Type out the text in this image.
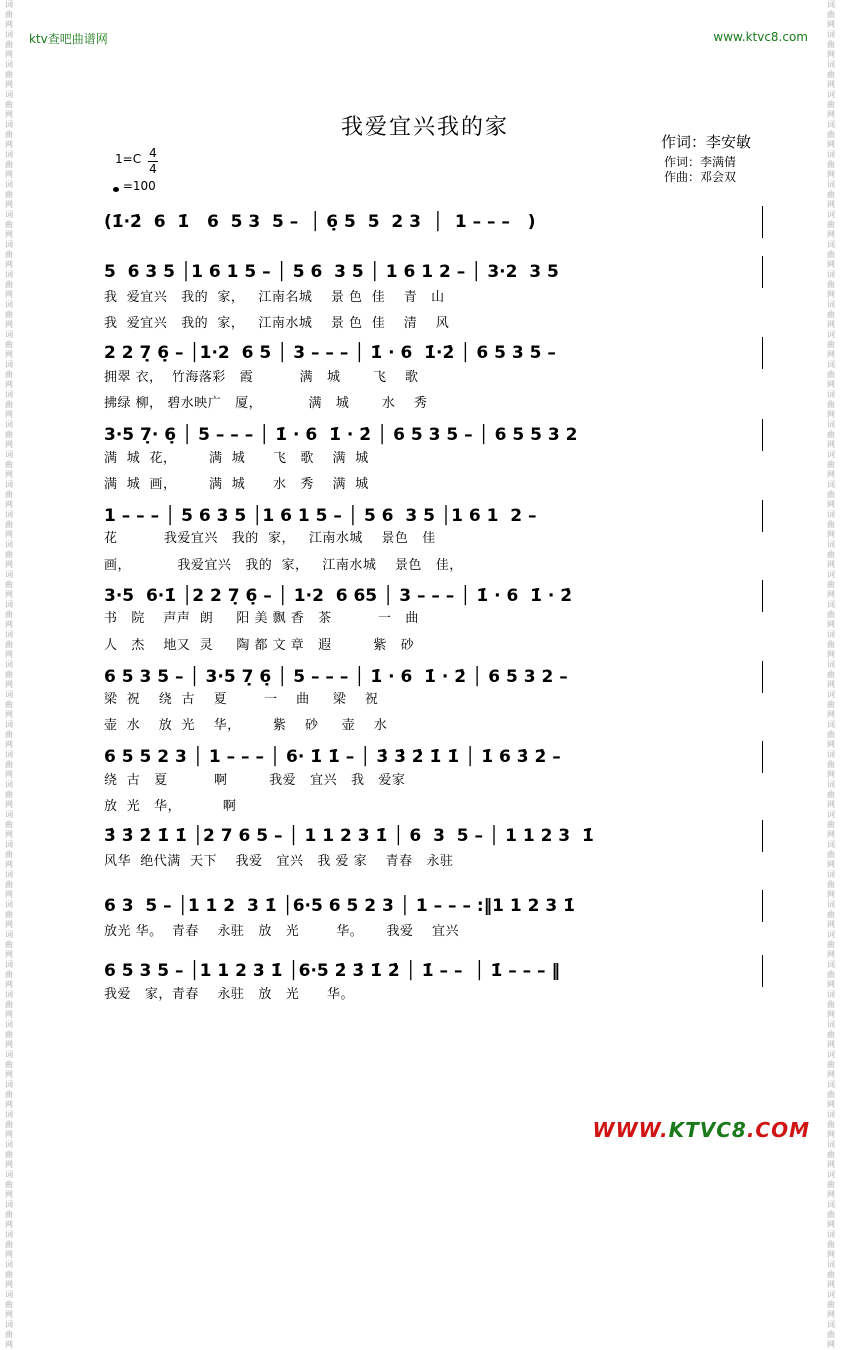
词
曲
网
词
曲
网
词
曲
网
词
曲
网
词
曲
网
词
曲
网
词
曲
网
词
曲
网
词
曲
网
词
曲
网
词
曲
网
词
曲
网
词
曲
网
词
曲
网
词
曲
网
词
曲
网
词
曲
网
词
曲
网
词
曲
网
词
曲
网
词
曲
网
词
曲
网
词
曲
网
词
曲
网
词
曲
网
词
曲
网
词
曲
网
词
曲
网
词
曲
网
词
曲
网
词
曲
网
词
曲
网
词
曲
网
词
曲
网
词
曲
网
词
曲
网
词
曲
网
词
曲
网
词
曲
网
词
曲
网
词
曲
网
词
曲
网
词
曲
网
词
曲
网
词
曲
网
词
曲
网
词
曲
网
词
曲
网
词
曲
网
词
曲
网
词
曲
网
词
曲
网
词
曲
网
词
曲
网
词
曲
网
词
曲
网
词
曲
网
词
曲
网
词
曲
网
词
曲
网
词
曲
网
词
曲
网
词
曲
网
词
曲
网
词
曲
网
词
曲
网
词
曲
网
词
曲
网
词
曲
网
词
曲
网
词
曲
网
词
曲
网
词
曲
网
词
曲
网
词
曲
网
词
曲
网
词
曲
网
词
曲
网
词
曲
网
词
曲
网
词
曲
网
词
曲
网
词
曲
网
词
曲
网
词
曲
网
词
曲
网
词
曲
网
词
曲
网
词
曲
网
词
曲
网
ktv查吧曲谱网	www.ktvc8.com
我爱宜兴我的家
作词：李安敏
作词：李满倩
作曲：邓会双
1=C 4
4
=100
(1̇·2̇  6  1̇   6  5 3  5 –  │ 6̣ 5  5  2 3  │  1 – – –   )
5  6 3 5 │1 6 1 5 – │ 5 6  3 5 │ 1 6 1 2 – │ 3·2  3 5
2 2 7̣ 6̣ – │1·2  6 5 │ 3 – – – │ 1̇ · 6  1̇·2̇ │ 6 5 3 5 –
3·5 7̣· 6̣ │ 5 – – – │ 1̇ · 6  1̇ · 2̇ │ 6 5 3 5 – │ 6 5 5 3 2
1 – – – │ 5 6 3 5 │1 6 1 5 – │ 5 6  3 5 │1 6 1  2 –
3·5  6·1̇ │2 2 7̣ 6̣ – │ 1·2  6 65 │ 3 – – – │ 1̇ · 6  1̇ · 2̇
6 5 3 5 – │ 3·5 7̣ 6̣ │ 5 – – – │ 1̇ · 6  1̇ · 2̇ │ 6 5 3 2 –
6 5 5 2 3 │ 1 – – – │ 6· 1̇ 1̇ – │ 3̇ 3̇ 2̇ 1̇ 1̇ │ 1̇ 6 3̇ 2̇ –
3̇ 3̇ 2̇ 1̇ 1̇ │2 7 6 5 – │ 1 1 2 3 1̇ │ 6  3  5 – │ 1 1 2 3  1̇
6 3  5 – │1 1 2  3 1̇ │6·5 6 5 2 3 │ 1 – – – :‖1 1 2 3 1̇
6 5 3 5 – │1 1 2 3 1̇ │6·5 2̇ 3̇ 1̇ 2̇ │ 1̇ – –  │ 1̇ – – – ‖
我  爱宜兴   我的  家，   江南名城    景 色  佳    青   山
我  爱宜兴   我的  家，   江南水城    景 色  佳    清    风
拥翠 衣，  竹海落彩   霞          满   城       飞    歌
拂绿 柳， 碧水映广   厦，          满   城       水    秀
满  城  花，       满  城      飞   歌    满  城
满  城  画，       满  城      水   秀    满  城
花          我爱宜兴   我的  家，   江南水城    景色   佳
画，          我爱宜兴   我的  家，   江南水城    景色   佳，
书   院    声声  朗     阳 美 飘 香   茶          一   曲
人   杰    地又  灵     陶 都 文 章   遐         紫   砂
梁  祝    绕  古    夏        一    曲     梁    祝
壶  水    放  光    华，       紫    砂     壶    水
绕  古   夏          啊         我爱   宜兴   我   爱家
放  光   华，         啊
风华  绝代满  天下    我爱   宜兴   我 爱 家    青春   永驻
放光 华。  青春    永驻   放   光        华。     我爱    宜兴
我爱   家，青春    永驻   放   光      华。
WWW.KTVC8.COM
